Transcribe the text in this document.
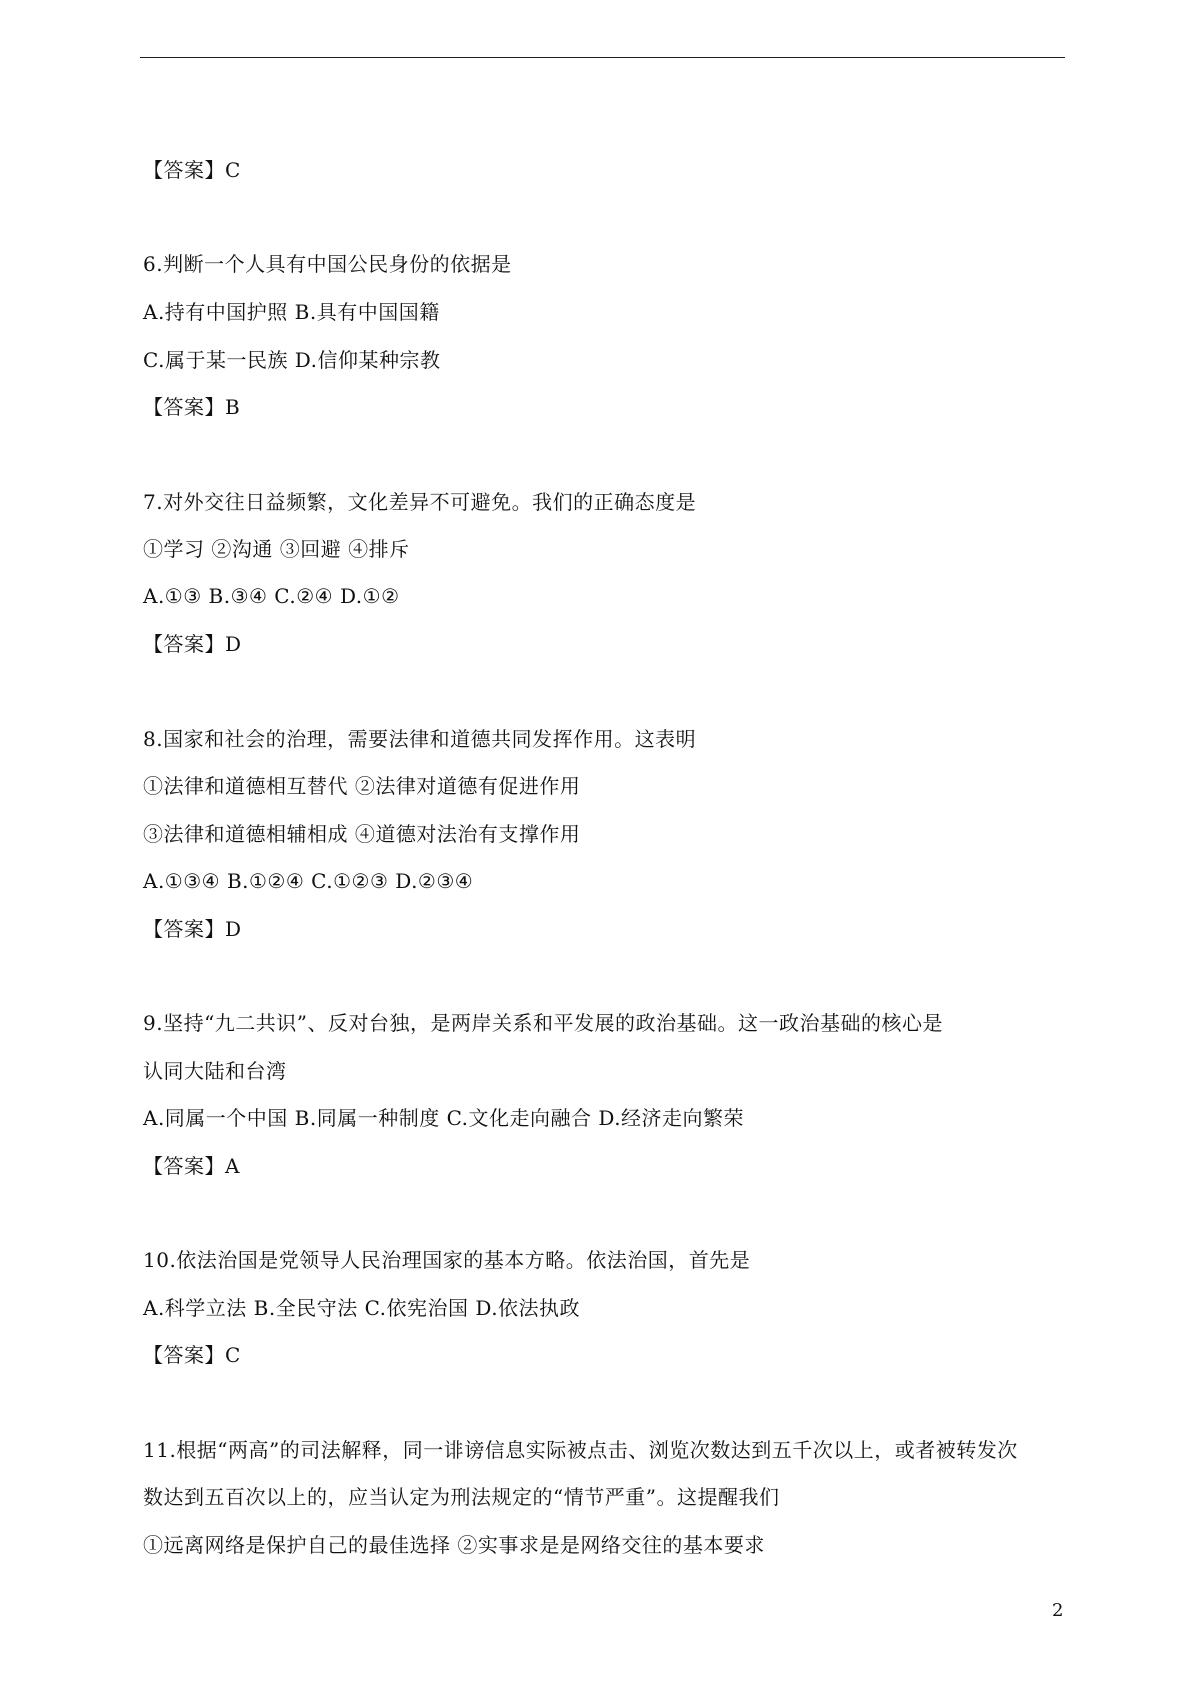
【答案】C
6.判断一个人具有中国公民身份的依据是
A.持有中国护照 B.具有中国国籍
C.属于某一民族 D.信仰某种宗教
【答案】B
7.对外交往日益频繁，文化差异不可避免。我们的正确态度是
①学习 ②沟通 ③回避 ④排斥
A.①③ B.③④ C.②④ D.①②
【答案】D
8.国家和社会的治理，需要法律和道德共同发挥作用。这表明
①法律和道德相互替代 ②法律对道德有促进作用
③法律和道德相辅相成 ④道德对法治有支撑作用
A.①③④ B.①②④ C.①②③ D.②③④
【答案】D
9.坚持“九二共识”、反对台独，是两岸关系和平发展的政治基础。这一政治基础的核心是
认同大陆和台湾
A.同属一个中国 B.同属一种制度 C.文化走向融合 D.经济走向繁荣
【答案】A
10.依法治国是党领导人民治理国家的基本方略。依法治国，首先是
A.科学立法 B.全民守法 C.依宪治国 D.依法执政
【答案】C
11.根据“两高”的司法解释，同一诽谤信息实际被点击、浏览次数达到五千次以上，或者被转发次
数达到五百次以上的，应当认定为刑法规定的“情节严重”。这提醒我们
①远离网络是保护自己的最佳选择 ②实事求是是网络交往的基本要求
2
